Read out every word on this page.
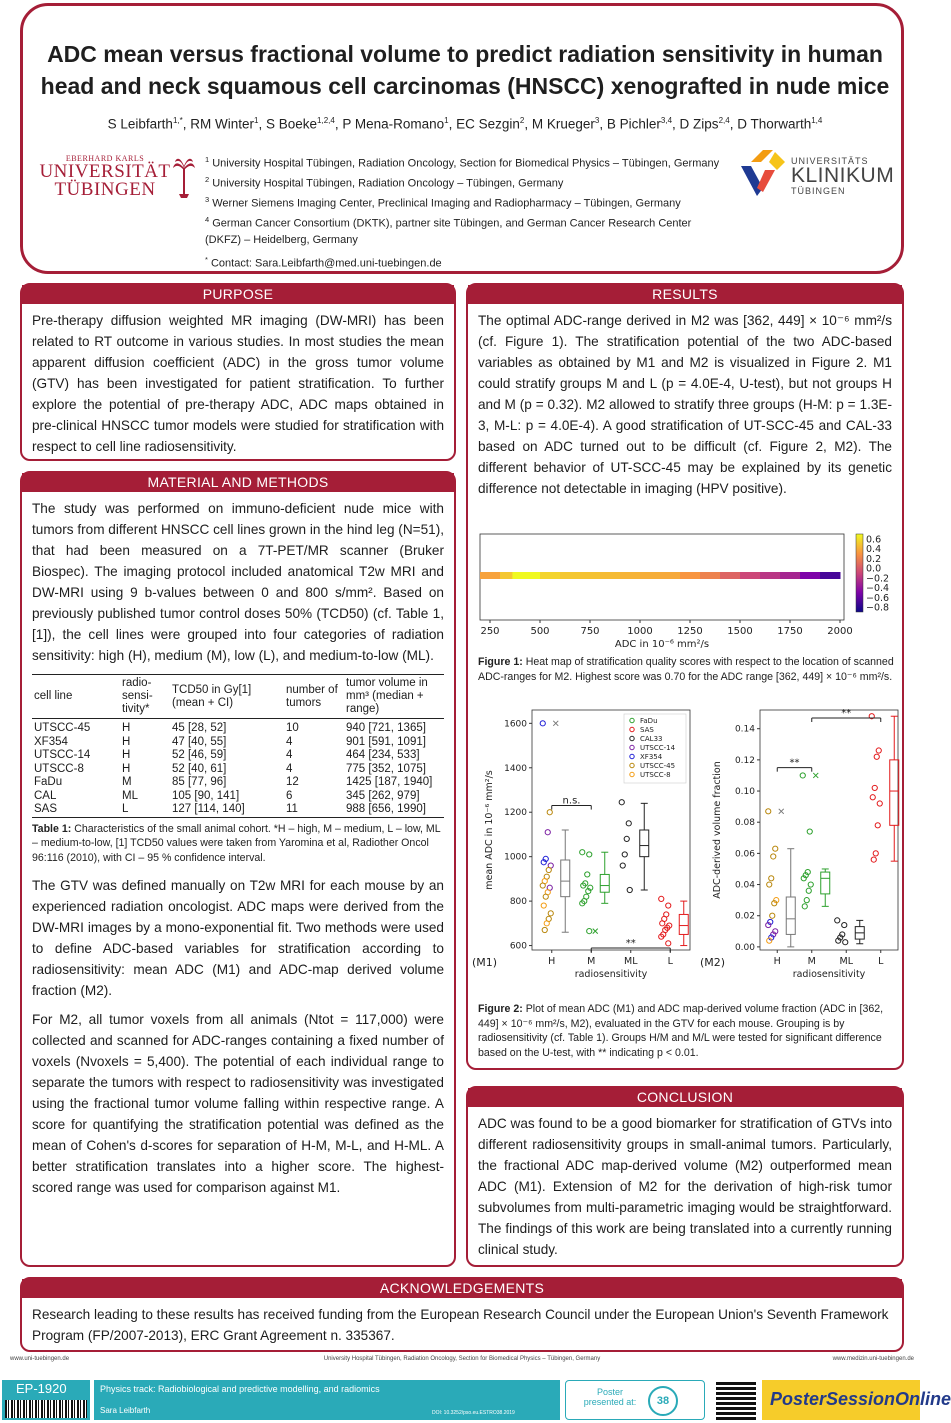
ADC mean versus fractional volume to predict radiation sensitivity in human
head and neck squamous cell carcinomas (HNSCC) xenografted in nude mice
S Leibfarth$^{1,*}$, RM Winter$^1$, S Boeke$^{1,2,4}$, P Mena-Romano$^1$, EC Sezgin$^2$, M Krueger$^3$, B Pichler$^{3,4}$, D Zips$^{2,4}$, D Thorwarth$^{1,4}$
EBERHARD KARLS
UNIVERSITÄT
TÜBINGEN
$^1$ University Hospital Tübingen, Radiation Oncology, Section for Biomedical Physics – Tübingen, Germany
$^2$ University Hospital Tübingen, Radiation Oncology – Tübingen, Germany
$^3$ Werner Siemens Imaging Center, Preclinical Imaging and Radiopharmacy – Tübingen, Germany
$^4$ German Cancer Consortium (DKTK), partner site Tübingen, and German Cancer Research Center (DKFZ) – Heidelberg, Germany
* Contact: Sara.Leibfarth@med.uni-tuebingen.de
UNIVERSITÄTS
KLINIKUM
TÜBINGEN
PURPOSE

Pre-therapy diffusion weighted MR imaging (DW-MRI) has been related to RT outcome in various studies. In most studies the mean apparent diffusion coefficient (ADC) in the gross tumor volume (GTV) has been investigated for patient stratification. To further explore the potential of pre-therapy ADC, ADC maps obtained in pre-clinical HNSCC tumor models were studied for stratification with respect to cell line radiosensitivity.

MATERIAL AND METHODS

The study was performed on immuno-deficient nude mice with tumors from different HNSCC cell lines grown in the hind leg (N=51), that had been measured on a 7T-PET/MR scanner (Bruker Biospec). The imaging protocol included anatomical T2w MRI and DW-MRI using 9 b-values between 0 and 800 s/mm². Based on previously published tumor control doses 50% (TCD50) (cf. Table 1, [1]), the cell lines were grouped into four categories of radiation sensitivity: high (H), medium (M), low (L), and medium-to-low (ML).

cell line	radio-sensi-tivity*	TCD50 in Gy[1] (mean + CI)	number of tumors	tumor volume in mm³ (median + range)
UTSCC-45	H	45 [28, 52]	10	940 [721, 1365]
XF354	H	47 [40, 55]	4	901 [591, 1091]
UTSCC-14	H	52 [46, 59]	4	464 [234, 533]
UTSCC-8	H	52 [40, 61]	4	775 [352, 1075]
FaDu	M	85 [77, 96]	12	1425 [187, 1940]
CAL	ML	105 [90, 141]	6	345 [262, 979]
SAS	L	127 [114, 140]	11	988 [656, 1990]
Table 1: Characteristics of the small animal cohort. *H – high, M – medium, L – low, ML – medium-to-low, [1] TCD50 values were taken from Yaromina et al, Radiother Oncol 96:116 (2010), with CI – 95 % confidence interval.

The GTV was defined manually on T2w MRI for each mouse by an experienced radiation oncologist. ADC maps were derived from the DW-MRI images by a mono-exponential fit. Two methods were used to define ADC-based variables for stratification according to radiosensitivity: mean ADC (M1) and ADC-map derived volume fraction (M2).

For M2, all tumor voxels from all animals (Ntot = 117,000) were collected and scanned for ADC-ranges containing a fixed number of voxels (Nvoxels = 5,400). The potential of each individual range to separate the tumors with respect to radiosensitivity was investigated using the fractional tumor volume falling within respective range. A score for quantifying the stratification potential was defined as the mean of Cohen's d-scores for separation of H-M, M-L, and H-ML. A better stratification translates into a higher score. The highest-scored range was used for comparison against M1.

RESULTS

The optimal ADC-range derived in M2 was [362, 449] × 10⁻⁶ mm²/s (cf. Figure 1). The stratification potential of the two ADC-based variables as obtained by M1 and M2 is visualized in Figure 2. M1 could stratify groups M and L (p = 4.0E-4, U-test), but not groups H and M (p = 0.32). M2 allowed to stratify three groups (H-M: p = 1.3E-3, M-L: p = 4.0E-4). A good stratification of UT-SCC-45 and CAL-33 based on ADC turned out to be difficult (cf. Figure 2, M2). The different behavior of UT-SCC-45 may be explained by its genetic difference not detectable in imaging (HPV positive).

250	500	750	1000 1250 1500 1750 2000
ADC in 10⁻⁶ mm²/s
0.6
0.4
0.2
0.0
−0.2
−0.4
−0.6
−0.8
Figure 1: Heat map of stratification quality scores with respect to the location of scanned ADC-ranges for M2. Highest score was 0.70 for the ADC range [362, 449] × 10⁻⁶ mm²/s.
600
800
1000
1200
1400
1600
H	M	ML	L
radiosensitivity
mean ADC in 10⁻⁶ mm²/s
(M1)
n.s.
**
FaDu
SAS
CAL33
UTSCC-14
XF354
UTSCC-45
UTSCC-8
0.00
0.02
0.04
0.06
0.08
0.10
0.12
0.14
H	M ML	L
radiosensitivity
ADC-derived volume fraction
(M2)
**
**
Figure 2: Plot of mean ADC (M1) and ADC map-derived volume fraction (ADC in [362, 449] × 10⁻⁶ mm²/s, M2), evaluated in the GTV for each mouse. Grouping is by radiosensitivity (cf. Table 1). Groups H/M and M/L were tested for significant difference based on the U-test, with ** indicating p < 0.01.
CONCLUSION

ADC was found to be a good biomarker for stratification of GTVs into different radiosensitivity groups in small-animal tumors. Particularly, the fractional ADC map-derived volume (M2) outperformed mean ADC (M1). Extension of M2 for the derivation of high-risk tumor subvolumes from multi-parametric imaging would be straightforward. The findings of this work are being translated into a currently running clinical study.

ACKNOWLEDGEMENTS

Research leading to these results has received funding from the European Research Council under the European Union's Seventh Framework Program (FP/2007-2013), ERC Grant Agreement n. 335367.

www.uni-tuebingen.de	University Hospital Tübingen, Radiation Oncology, Section for Biomedical Physics – Tübingen, Germany	www.medizin.uni-tuebingen.de
EP-1920	Physics track: Radiobiological and predictive modelling, and radiomics
Sara Leibfarth	DOI: 10.3252/pso.eu.ESTRO38.2019
Poster presented at:	38	PosterSessionOnline
